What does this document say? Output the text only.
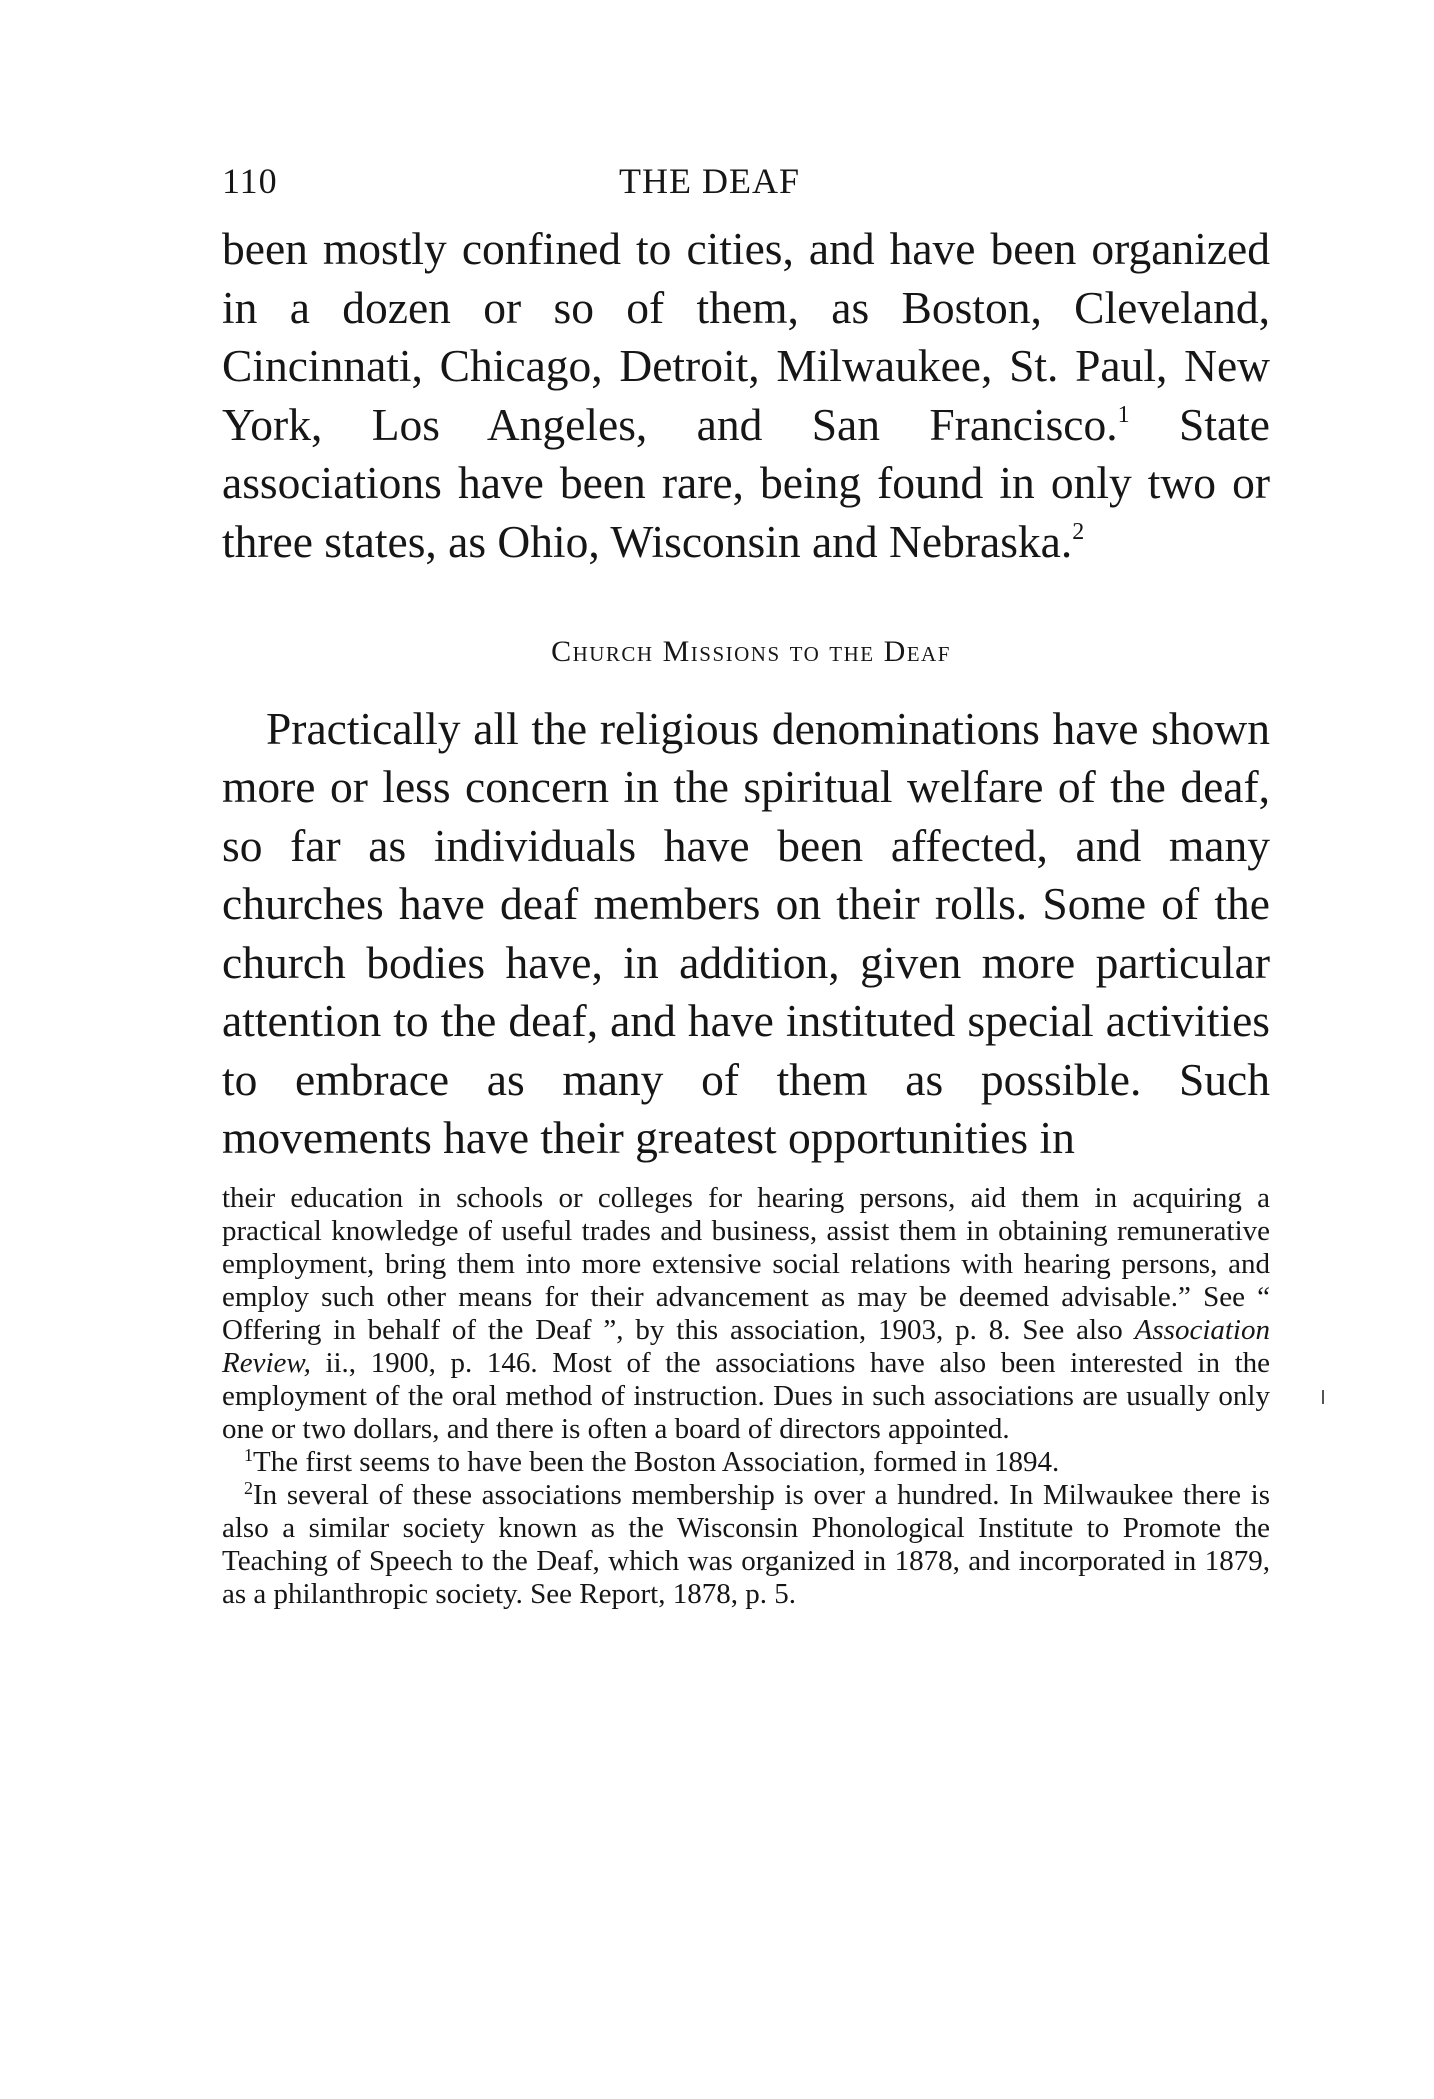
110	THE DEAF

been mostly confined to cities, and have been organized in a dozen or so of them, as Boston, Cleveland, Cincinnati, Chicago, Detroit, Milwaukee, St. Paul, New York, Los Angeles, and San Francisco.$^1$ State associations have been rare, being found in only two or three states, as Ohio, Wisconsin and Nebraska.$^2$

Church Missions to the Deaf

Practically all the religious denominations have shown more or less concern in the spiritual welfare of the deaf, so far as individuals have been affected, and many churches have deaf members on their rolls. Some of the church bodies have, in addition, given more particular attention to the deaf, and have instituted special activities to embrace as many of them as possible. Such movements have their greatest opportunities in

their education in schools or colleges for hearing persons, aid them in acquiring a practical knowledge of useful trades and business, assist them in obtaining remunerative employment, bring them into more extensive social relations with hearing persons, and employ such other means for their advancement as may be deemed advisable.” See “ Offering in behalf of the Deaf ”, by this association, 1903, p. 8. See also Association Review, ii., 1900, p. 146. Most of the associations have also been interested in the employment of the oral method of instruction. Dues in such associations are usually only one or two dollars, and there is often a board of directors appointed.

$^1$The first seems to have been the Boston Association, formed in 1894.

$^2$In several of these associations membership is over a hundred. In Milwaukee there is also a similar society known as the Wisconsin Phonological Institute to Promote the Teaching of Speech to the Deaf, which was organized in 1878, and incorporated in 1879, as a philanthropic society. See Report, 1878, p. 5.
